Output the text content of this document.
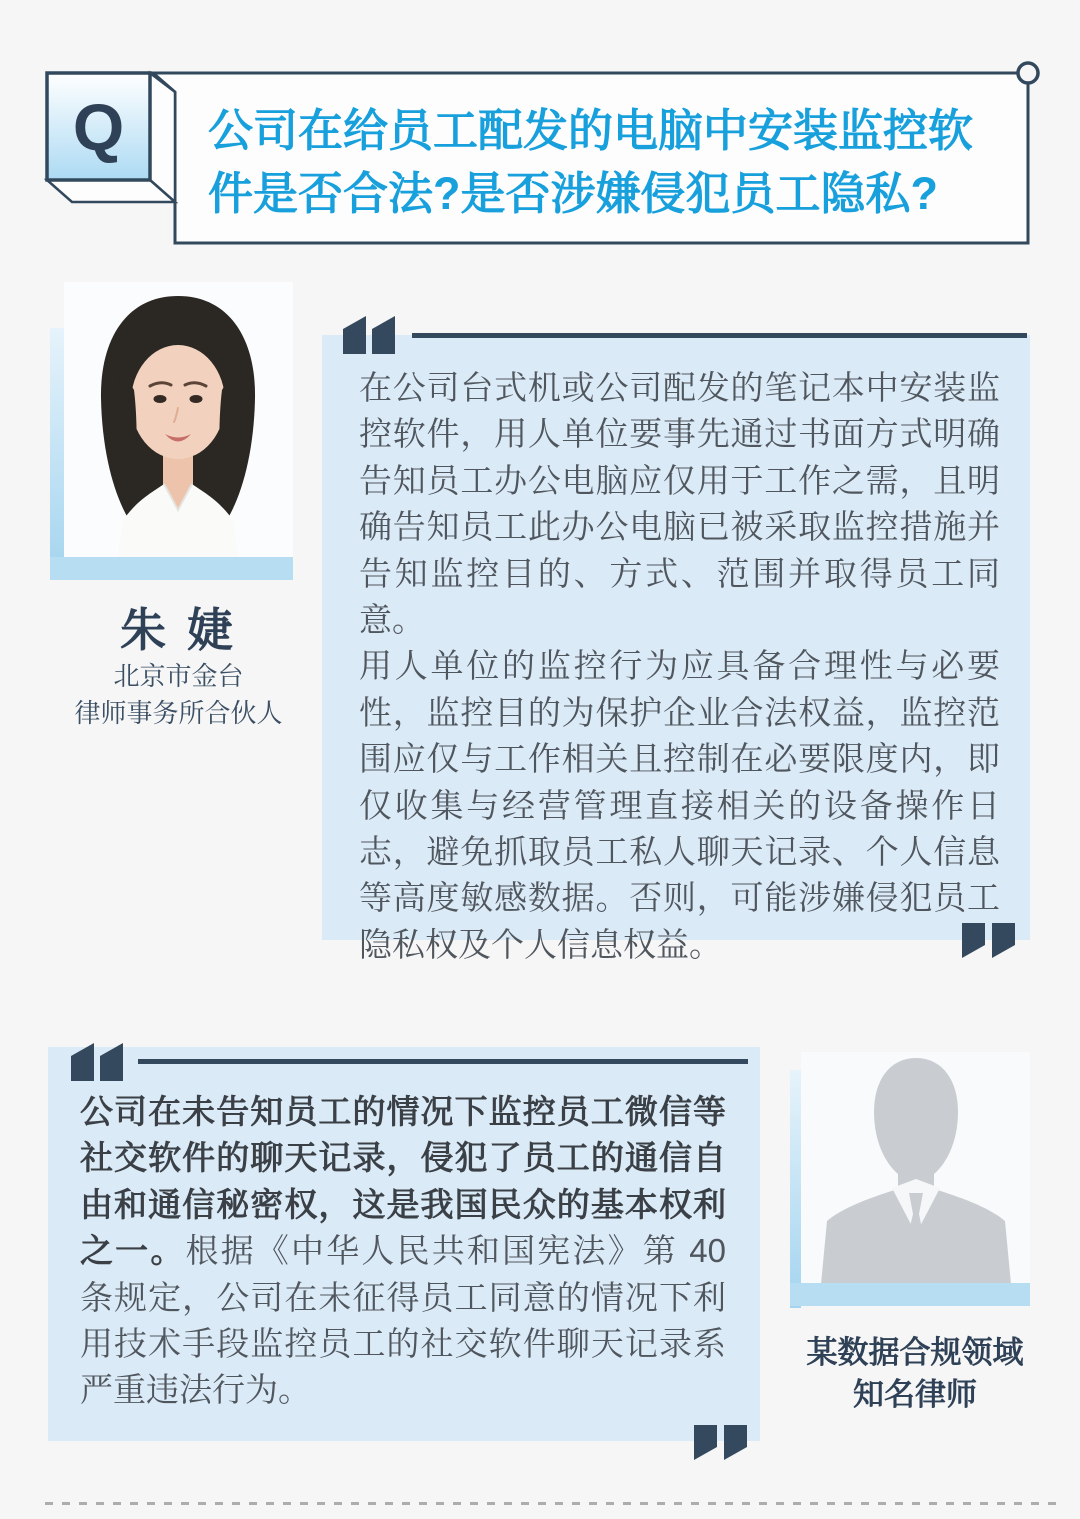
Q	公司在给员工配发的电脑中安装监控软件是否合法?是否涉嫌侵犯员工隐私?
朱 婕
北京市金台
律师事务所合伙人

在公司台式机或公司配发的笔记本中安装监控软件，用人单位要事先通过书面方式明确告知员工办公电脑应仅用于工作之需，且明确告知员工此办公电脑已被采取监控措施并告知监控目的、方式、范围并取得员工同意。

用人单位的监控行为应具备合理性与必要性，监控目的为保护企业合法权益，监控范围应仅与工作相关且控制在必要限度内，即仅收集与经营管理直接相关的设备操作日志，避免抓取员工私人聊天记录、个人信息等高度敏感数据。否则，可能涉嫌侵犯员工隐私权及个人信息权益。

公司在未告知员工的情况下监控员工微信等社交软件的聊天记录，侵犯了员工的通信自由和通信秘密权，这是我国民众的基本权利之一。根据《中华人民共和国宪法》第 40 条规定，公司在未征得员工同意的情况下利用技术手段监控员工的社交软件聊天记录系严重违法行为。

某数据合规领域
知名律师
